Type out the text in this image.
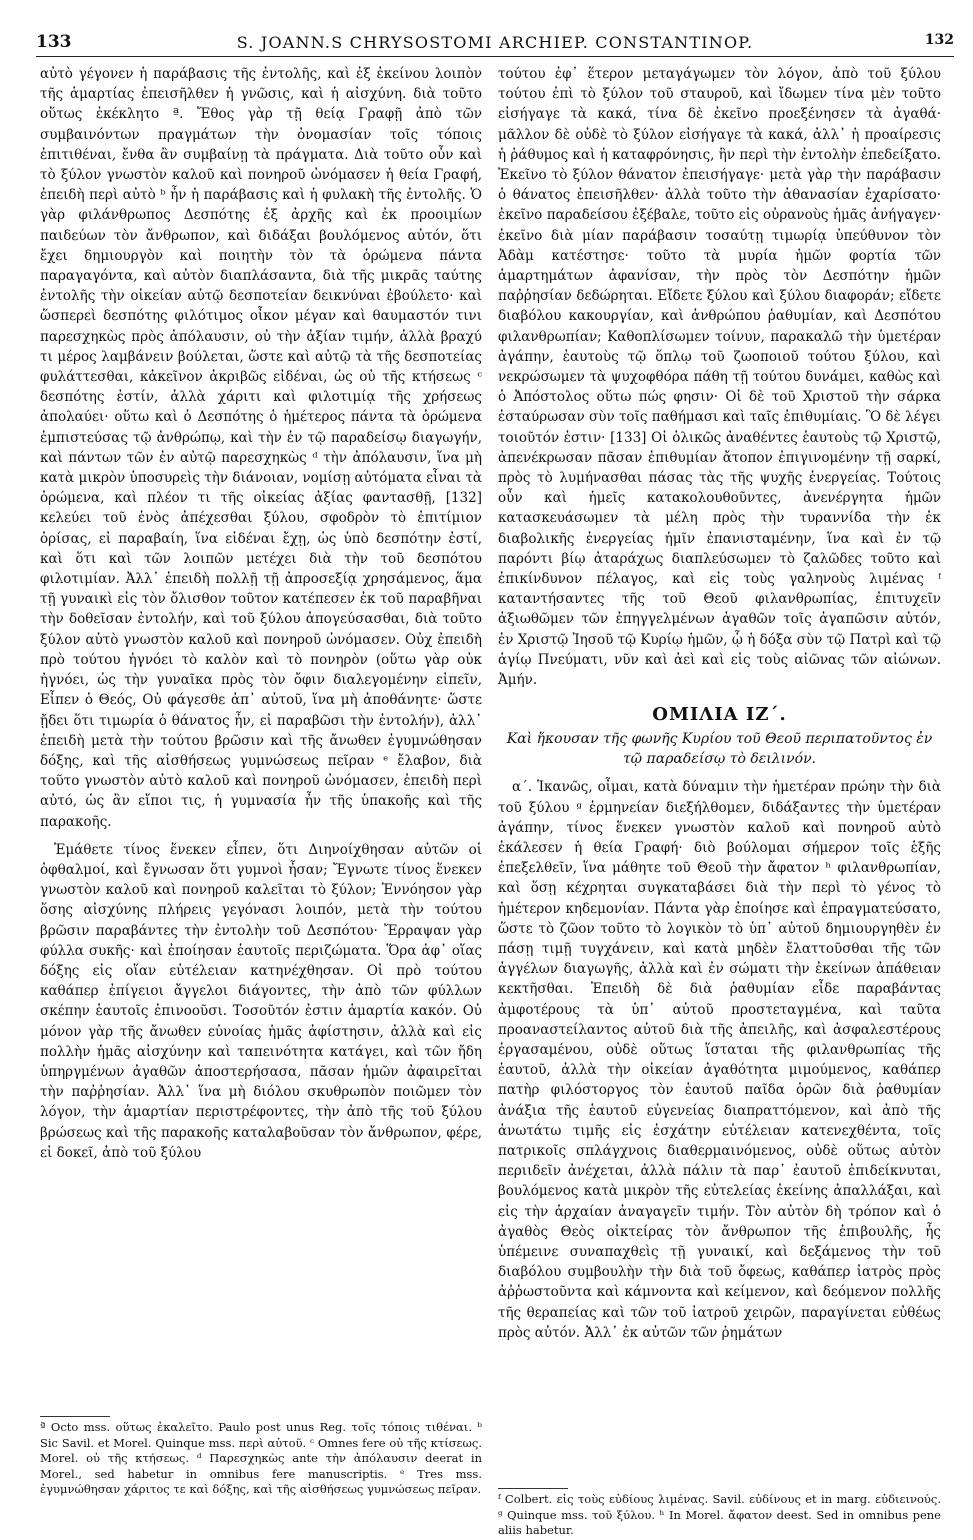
133	S. JOANN.S CHRYSOSTOMI ARCHIEP. CONSTANTINOP.	132

αὐτὸ γέγονεν ἡ παράβασις τῆς ἐντολῆς, καὶ ἐξ ἐκείνου λοιπὸν τῆς ἁμαρτίας ἐπεισῆλθεν ἡ γνῶσις, καὶ ἡ αἰσχύνη. διὰ τοῦτο οὕτως ἐκέκλητο ª. Ἔθος γὰρ τῇ θείᾳ Γραφῇ ἀπὸ τῶν συμβαινόντων πραγμάτων τὴν ὀνομασίαν τοῖς τόποις ἐπιτιθέναι, ἔνθα ἂν συμβαίνῃ τὰ πράγματα. Διὰ τοῦτο οὖν καὶ τὸ ξύλον γνωστὸν καλοῦ καὶ πονηροῦ ὠνόμασεν ἡ θεία Γραφή, ἐπειδὴ περὶ αὐτὸ ᵇ ἦν ἡ παράβασις καὶ ἡ φυλακὴ τῆς ἐντολῆς. Ὁ γὰρ φιλάνθρωπος Δεσπότης ἐξ ἀρχῆς καὶ ἐκ προοιμίων παιδεύων τὸν ἄνθρωπον, καὶ διδάξαι βουλόμενος αὐτόν, ὅτι ἔχει δημιουργὸν καὶ ποιητὴν τὸν τὰ ὁρώμενα πάντα παραγαγόντα, καὶ αὐτὸν διαπλάσαντα, διὰ τῆς μικρᾶς ταύτης ἐντολῆς τὴν οἰκείαν αὐτῷ δεσποτείαν δεικνύναι ἐβούλετο· καὶ ὥσπερεὶ δεσπότης φιλότιμος οἶκον μέγαν καὶ θαυμαστόν τινι παρεσχηκὼς πρὸς ἀπόλαυσιν, οὐ τὴν ἀξίαν τιμήν, ἀλλὰ βραχύ τι μέρος λαμβάνειν βούλεται, ὥστε καὶ αὐτῷ τὰ τῆς δεσποτείας φυλάττεσθαι, κἀκεῖνον ἀκριβῶς εἰδέναι, ὡς οὐ τῆς κτήσεως ᶜ δεσπότης ἐστίν, ἀλλὰ χάριτι καὶ φιλοτιμίᾳ τῆς χρήσεως ἀπολαύει· οὕτω καὶ ὁ Δεσπότης ὁ ἡμέτερος πάντα τὰ ὁρώμενα ἐμπιστεύσας τῷ ἀνθρώπῳ, καὶ τὴν ἐν τῷ παραδείσῳ διαγωγήν, καὶ πάντων τῶν ἐν αὐτῷ παρεσχηκὼς ᵈ τὴν ἀπόλαυσιν, ἵνα μὴ κατὰ μικρὸν ὑποσυρεὶς τὴν διάνοιαν, νομίσῃ αὐτόματα εἶναι τὰ ὁρώμενα, καὶ πλέον τι τῆς οἰκείας ἀξίας φαντασθῇ, [132] κελεύει τοῦ ἑνὸς ἀπέχεσθαι ξύλου, σφοδρὸν τὸ ἐπιτίμιον ὁρίσας, εἰ παραβαίη, ἵνα εἰδέναι ἔχῃ, ὡς ὑπὸ δεσπότην ἐστί, καὶ ὅτι καὶ τῶν λοιπῶν μετέχει διὰ τὴν τοῦ δεσπότου φιλοτιμίαν. Ἀλλ᾽ ἐπειδὴ πολλῇ τῇ ἀπροσεξίᾳ χρησάμενος, ἅμα τῇ γυναικὶ εἰς τὸν ὄλισθον τοῦτον κατέπεσεν ἐκ τοῦ παραβῆναι τὴν δοθεῖσαν ἐντολήν, καὶ τοῦ ξύλου ἀπογεύσασθαι, διὰ τοῦτο ξύλον αὐτὸ γνωστὸν καλοῦ καὶ πονηροῦ ὠνόμασεν. Οὐχ ἐπειδὴ πρὸ τούτου ἠγνόει τὸ καλὸν καὶ τὸ πονηρὸν (οὕτω γὰρ οὐκ ἠγνόει, ὡς τὴν γυναῖκα πρὸς τὸν ὄφιν διαλεγομένην εἰπεῖν, Εἶπεν ὁ Θεός, Οὐ φάγεσθε ἀπ᾽ αὐτοῦ, ἵνα μὴ ἀποθάνητε· ὥστε ᾔδει ὅτι τιμωρία ὁ θάνατος ἦν, εἰ παραβῶσι τὴν ἐντολήν), ἀλλ᾽ ἐπειδὴ μετὰ τὴν τούτου βρῶσιν καὶ τῆς ἄνωθεν ἐγυμνώθησαν δόξης, καὶ τῆς αἰσθήσεως γυμνώσεως πεῖραν ᵉ ἔλαβον, διὰ τοῦτο γνωστὸν αὐτὸ καλοῦ καὶ πονηροῦ ὠνόμασεν, ἐπειδὴ περὶ αὐτό, ὡς ἂν εἴποι τις, ἡ γυμνασία ἦν τῆς ὑπακοῆς καὶ τῆς παρακοῆς.

Ἐμάθετε τίνος ἕνεκεν εἶπεν, ὅτι Διηνοίχθησαν αὐτῶν οἱ ὀφθαλμοί, καὶ ἔγνωσαν ὅτι γυμνοὶ ἦσαν; Ἔγνωτε τίνος ἕνεκεν γνωστὸν καλοῦ καὶ πονηροῦ καλεῖται τὸ ξύλον; Ἐννόησον γὰρ ὅσης αἰσχύνης πλήρεις γεγόνασι λοιπόν, μετὰ τὴν τούτου βρῶσιν παραβάντες τὴν ἐντολὴν τοῦ Δεσπότου· Ἔρραψαν γὰρ φύλλα συκῆς· καὶ ἐποίησαν ἑαυτοῖς περιζώματα. Ὅρα ἀφ᾽ οἵας δόξης εἰς οἵαν εὐτέλειαν κατηνέχθησαν. Οἱ πρὸ τούτου καθάπερ ἐπίγειοι ἄγγελοι διάγοντες, τὴν ἀπὸ τῶν φύλλων σκέπην ἑαυτοῖς ἐπινοοῦσι. Τοσοῦτόν ἐστιν ἁμαρτία κακόν. Οὐ μόνον γὰρ τῆς ἄνωθεν εὐνοίας ἡμᾶς ἀφίστησιν, ἀλλὰ καὶ εἰς πολλὴν ἡμᾶς αἰσχύνην καὶ ταπεινότητα κατάγει, καὶ τῶν ἤδη ὑπηργμένων ἀγαθῶν ἀποστερήσασα, πᾶσαν ἡμῶν ἀφαιρεῖται τὴν παῤῥησίαν. Ἀλλ᾽ ἵνα μὴ διόλου σκυθρωπὸν ποιῶμεν τὸν λόγον, τὴν ἁμαρτίαν περιστρέφοντες, τὴν ἀπὸ τῆς τοῦ ξύλου βρώσεως καὶ τῆς παρακοῆς καταλαβοῦσαν τὸν ἄνθρωπον, φέρε, εἰ δοκεῖ, ἀπὸ τοῦ ξύλου

τούτου ἐφ᾽ ἕτερον μεταγάγωμεν τὸν λόγον, ἀπὸ τοῦ ξύλου τούτου ἐπὶ τὸ ξύλον τοῦ σταυροῦ, καὶ ἴδωμεν τίνα μὲν τοῦτο εἰσήγαγε τὰ κακά, τίνα δὲ ἐκεῖνο προεξένησεν τὰ ἀγαθά· μᾶλλον δὲ οὐδὲ τὸ ξύλον εἰσήγαγε τὰ κακά, ἀλλ᾽ ἡ προαίρεσις ἡ ῥάθυμος καὶ ἡ καταφρόνησις, ἣν περὶ τὴν ἐντολὴν ἐπεδείξατο. Ἐκεῖνο τὸ ξύλον θάνατον ἐπεισήγαγε· μετὰ γὰρ τὴν παράβασιν ὁ θάνατος ἐπεισῆλθεν· ἀλλὰ τοῦτο τὴν ἀθανασίαν ἐχαρίσατο· ἐκεῖνο παραδείσου ἐξέβαλε, τοῦτο εἰς οὐρανοὺς ἡμᾶς ἀνήγαγεν· ἐκεῖνο διὰ μίαν παράβασιν τοσαύτῃ τιμωρίᾳ ὑπεύθυνον τὸν Ἀδὰμ κατέστησε· τοῦτο τὰ μυρία ἡμῶν φορτία τῶν ἁμαρτημάτων ἀφανίσαν, τὴν πρὸς τὸν Δεσπότην ἡμῶν παῤῥησίαν δεδώρηται. Εἴδετε ξύλου καὶ ξύλου διαφοράν; εἴδετε διαβόλου κακουργίαν, καὶ ἀνθρώπου ῥαθυμίαν, καὶ Δεσπότου φιλανθρωπίαν; Καθοπλίσωμεν τοίνυν, παρακαλῶ τὴν ὑμετέραν ἀγάπην, ἑαυτοὺς τῷ ὅπλῳ τοῦ ζωοποιοῦ τούτου ξύλου, καὶ νεκρώσωμεν τὰ ψυχοφθόρα πάθη τῇ τούτου δυνάμει, καθὼς καὶ ὁ Ἀπόστολος οὕτω πώς φησιν· Οἱ δὲ τοῦ Χριστοῦ τὴν σάρκα ἐσταύρωσαν σὺν τοῖς παθήμασι καὶ ταῖς ἐπιθυμίαις. Ὃ δὲ λέγει τοιοῦτόν ἐστιν· [133] Οἱ ὁλικῶς ἀναθέντες ἑαυτοὺς τῷ Χριστῷ, ἀπενέκρωσαν πᾶσαν ἐπιθυμίαν ἄτοπον ἐπιγινομένην τῇ σαρκί, πρὸς τὸ λυμήνασθαι πάσας τὰς τῆς ψυχῆς ἐνεργείας. Τούτοις οὖν καὶ ἡμεῖς κατακολουθοῦντες, ἀνενέργητα ἡμῶν κατασκευάσωμεν τὰ μέλη πρὸς τὴν τυραννίδα τὴν ἐκ διαβολικῆς ἐνεργείας ἡμῖν ἐπανισταμένην, ἵνα καὶ ἐν τῷ παρόντι βίῳ ἀταράχως διαπλεύσωμεν τὸ ζαλῶδες τοῦτο καὶ ἐπικίνδυνον πέλαγος, καὶ εἰς τοὺς γαληνοὺς λιμένας ᶠ καταντήσαντες τῆς τοῦ Θεοῦ φιλανθρωπίας, ἐπιτυχεῖν ἀξιωθῶμεν τῶν ἐπηγγελμένων ἀγαθῶν τοῖς ἀγαπῶσιν αὐτόν, ἐν Χριστῷ Ἰησοῦ τῷ Κυρίῳ ἡμῶν, ᾧ ἡ δόξα σὺν τῷ Πατρὶ καὶ τῷ ἁγίῳ Πνεύματι, νῦν καὶ ἀεὶ καὶ εἰς τοὺς αἰῶνας τῶν αἰώνων. Ἀμήν.

ΟΜΙΛΙΑ ΙΖ΄.
Καὶ ἤκουσαν τῆς φωνῆς Κυρίου τοῦ Θεοῦ περιπατοῦντος ἐν τῷ παραδείσῳ τὸ δειλινόν.

α΄. Ἱκανῶς, οἶμαι, κατὰ δύναμιν τὴν ἡμετέραν πρώην τὴν διὰ τοῦ ξύλου ᵍ ἑρμηνείαν διεξήλθομεν, διδάξαντες τὴν ὑμετέραν ἀγάπην, τίνος ἕνεκεν γνωστὸν καλοῦ καὶ πονηροῦ αὐτὸ ἐκάλεσεν ἡ θεία Γραφή· διὸ βούλομαι σήμερον τοῖς ἑξῆς ἐπεξελθεῖν, ἵνα μάθητε τοῦ Θεοῦ τὴν ἄφατον ʰ φιλανθρωπίαν, καὶ ὅσῃ κέχρηται συγκαταβάσει διὰ τὴν περὶ τὸ γένος τὸ ἡμέτερον κηδεμονίαν. Πάντα γὰρ ἐποίησε καὶ ἐπραγματεύσατο, ὥστε τὸ ζῶον τοῦτο τὸ λογικὸν τὸ ὑπ᾽ αὐτοῦ δημιουργηθὲν ἐν πάσῃ τιμῇ τυγχάνειν, καὶ κατὰ μηδὲν ἔλαττοῦσθαι τῆς τῶν ἀγγέλων διαγωγῆς, ἀλλὰ καὶ ἐν σώματι τὴν ἐκείνων ἀπάθειαν κεκτῆσθαι. Ἐπειδὴ δὲ διὰ ῥαθυμίαν εἶδε παραβάντας ἀμφοτέρους τὰ ὑπ᾽ αὐτοῦ προστεταγμένα, καὶ ταῦτα προαναστείλαντος αὐτοῦ διὰ τῆς ἀπειλῆς, καὶ ἀσφαλεστέρους ἐργασαμένου, οὐδὲ οὕτως ἵσταται τῆς φιλανθρωπίας τῆς ἑαυτοῦ, ἀλλὰ τὴν οἰκείαν ἀγαθότητα μιμούμενος, καθάπερ πατὴρ φιλόστοργος τὸν ἑαυτοῦ παῖδα ὁρῶν διὰ ῥαθυμίαν ἀνάξια τῆς ἑαυτοῦ εὐγενείας διαπραττόμενον, καὶ ἀπὸ τῆς ἀνωτάτω τιμῆς εἰς ἐσχάτην εὐτέλειαν κατενεχθέντα, τοῖς πατρικοῖς σπλάγχνοις διαθερμαινόμενος, οὐδὲ οὕτως αὐτὸν περιιδεῖν ἀνέχεται, ἀλλὰ πάλιν τὰ παρ᾽ ἑαυτοῦ ἐπιδείκνυται, βουλόμενος κατὰ μικρὸν τῆς εὐτελείας ἐκείνης ἀπαλλάξαι, καὶ εἰς τὴν ἀρχαίαν ἀναγαγεῖν τιμήν. Τὸν αὐτὸν δὴ τρόπον καὶ ὁ ἀγαθὸς Θεὸς οἰκτείρας τὸν ἄνθρωπον τῆς ἐπιβουλῆς, ἧς ὑπέμεινε συναπαχθεὶς τῇ γυναικί, καὶ δεξάμενος τὴν τοῦ διαβόλου συμβουλὴν τὴν διὰ τοῦ ὄφεως, καθάπερ ἰατρὸς πρὸς ἀῤῥωστοῦντα καὶ κάμνοντα καὶ κείμενον, καὶ δεόμενον πολλῆς τῆς θεραπείας καὶ τῶν τοῦ ἰατροῦ χειρῶν, παραγίνεται εὐθέως πρὸς αὐτόν. Ἀλλ᾽ ἐκ αὐτῶν τῶν ῥημάτων

ª Octo mss. οὕτως ἐκαλεῖτο. Paulo post unus Reg. τοῖς τόποις τιθέναι. ᵇ Sic Savil. et Morel. Quinque mss. περὶ αὐτοῦ. ᶜ Omnes fere οὐ τῆς κτίσεως. Morel. οὐ τῆς κτήσεως. ᵈ Παρεσχηκὼς ante τὴν ἀπόλαυσιν deerat in Morel., sed habetur in omnibus fere manuscriptis. ᵉ Tres mss. ἐγυμνώθησαν χάριτος τε καὶ δόξης, καὶ τῆς αἰσθήσεως γυμνώσεως πεῖραν.

ᶠ Colbert. εἰς τοὺς εὐδίους λιμένας. Savil. εὐδίνους et in marg. εὐδιεινούς. ᵍ Quinque mss. τοῦ ξύλου. ʰ In Morel. ἄφατον deest. Sed in omnibus pene aliis habetur.
